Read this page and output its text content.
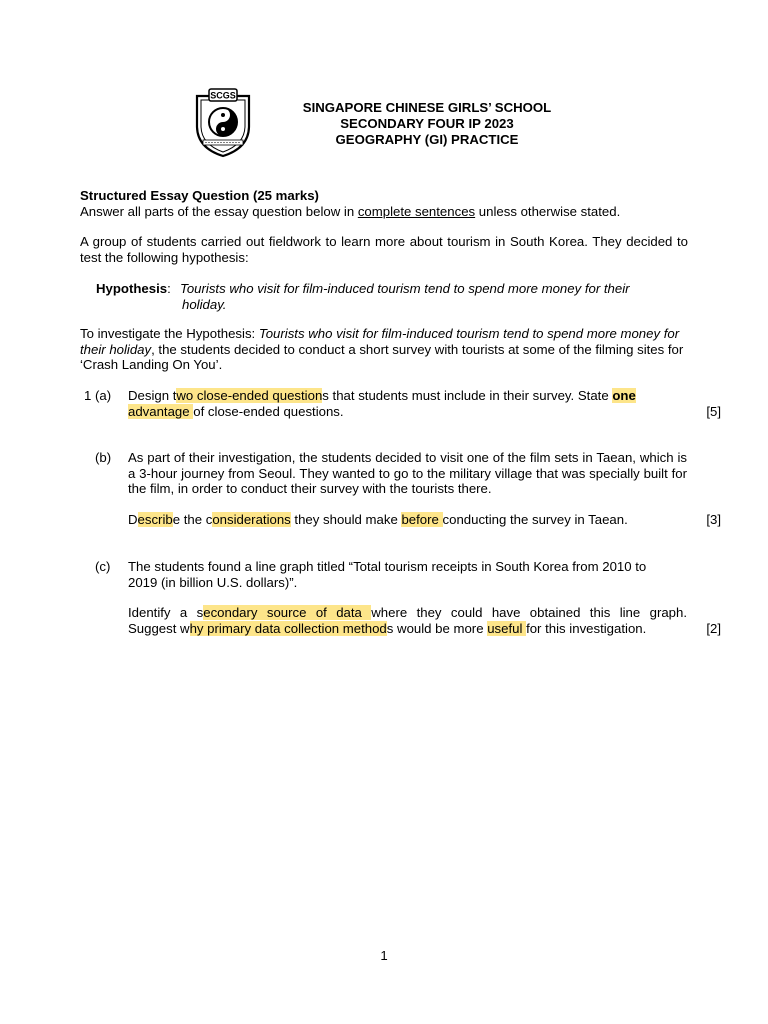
SCGS
SINGAPORE CHINESE GIRLS’ SCHOOL
SECONDARY FOUR IP 2023
GEOGRAPHY (GI) PRACTICE
Structured Essay Question (25 marks)
Answer all parts of the essay question below in complete sentences unless otherwise stated.
A group of students carried out fieldwork to learn more about tourism in South Korea. They decided to test the following hypothesis:
Hypothesis: Tourists who visit for film-induced tourism tend to spend more money for their
holiday.
To investigate the Hypothesis: Tourists who visit for film-induced tourism tend to spend more money for their holiday, the students decided to conduct a short survey with tourists at some of the filming sites for ‘Crash Landing On You’.
1 (a) Design two close-ended questions that students must include in their survey. State one
advantage of close-ended questions.	[5]
(b) As part of their investigation, the students decided to visit one of the film sets in Taean, which is a 3-hour journey from Seoul. They wanted to go to the military village that was specially built for the film, in order to conduct their survey with the tourists there.
Describe the considerations they should make before conducting the survey in Taean.	[3]
(c) The students found a line graph titled “Total tourism receipts in South Korea from 2010 to 2019 (in billion U.S. dollars)”.
Identify a secondary source of data where they could have obtained this line graph.
Suggest why primary data collection methods would be more useful for this investigation.	[2]
1
